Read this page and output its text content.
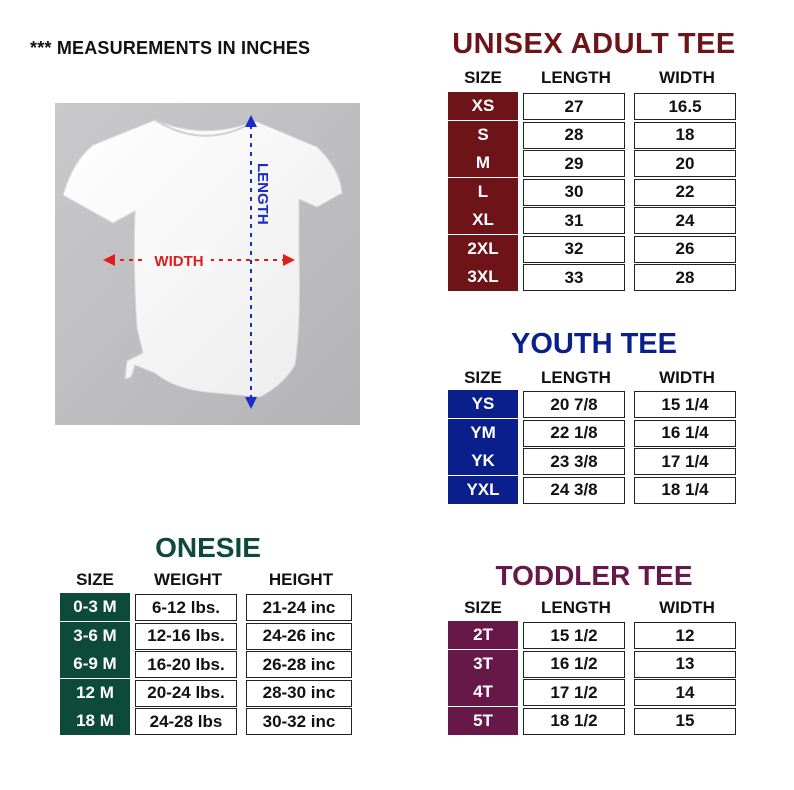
*** MEASUREMENTS IN INCHES
LENGTH
WIDTH
UNISEX ADULT TEE
SIZE	LENGTH	WIDTH
XS	27	16.5
S	28	18
M	29	20
L	30	22
XL	31	24
2XL	32	26
3XL	33	28
YOUTH TEE
SIZE	LENGTH	WIDTH
YS	20 7/8	15 1/4
YM	22 1/8	16 1/4
YK	23 3/8	17 1/4
YXL	24 3/8	18 1/4
ONESIE
SIZE	WEIGHT	HEIGHT
0-3 M	6-12 lbs.	21-24 inc
3-6 M	12-16 lbs.	24-26 inc
6-9 M	16-20 lbs.	26-28 inc
12 M	20-24 lbs.	28-30 inc
18 M	24-28 lbs	30-32 inc
TODDLER TEE
SIZE	LENGTH	WIDTH
2T	15 1/2	12
3T	16 1/2	13
4T	17 1/2	14
5T	18 1/2	15
